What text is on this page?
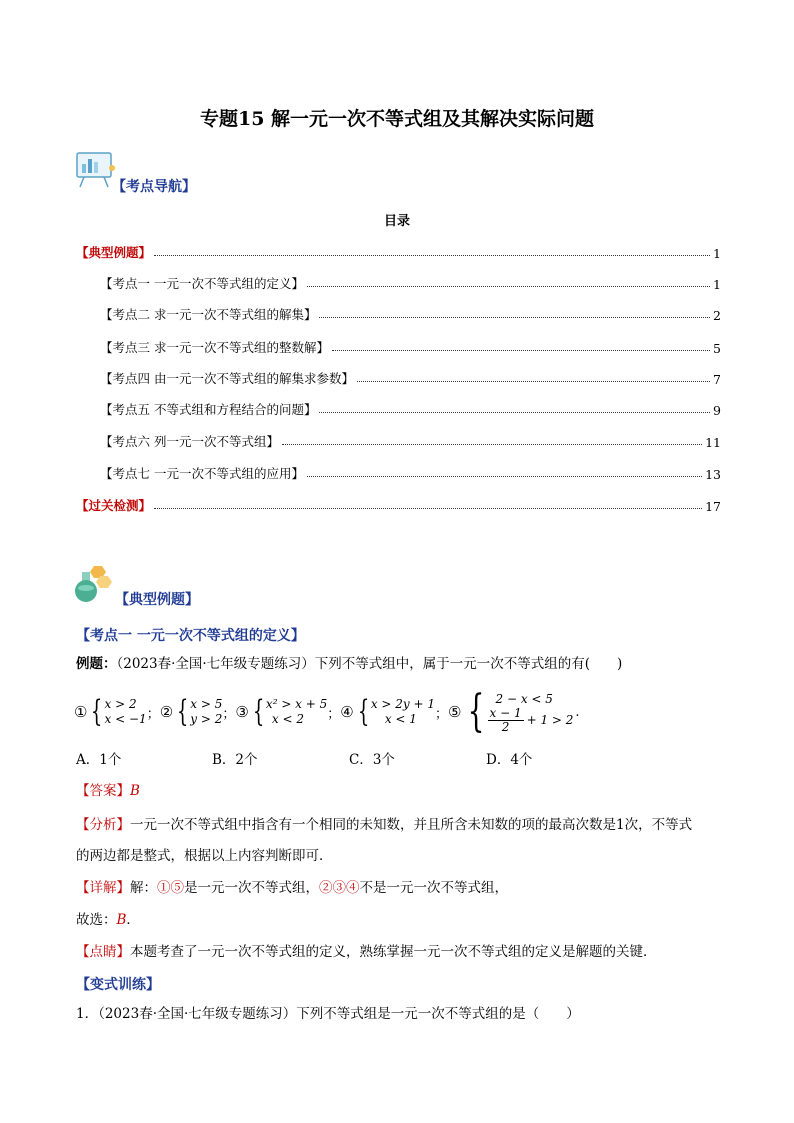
专题15 解一元一次不等式组及其解决实际问题
【考点导航】
目录
【典型例题】	1
【考点一 一元一次不等式组的定义】	1
【考点二 求一元一次不等式组的解集】	2
【考点三 求一元一次不等式组的整数解】	5
【考点四 由一元一次不等式组的解集求参数】	7
【考点五 不等式组和方程结合的问题】	9
【考点六 列一元一次不等式组】	11
【考点七 一元一次不等式组的应用】	13
【过关检测】	17
【典型例题】
【考点一 一元一次不等式组的定义】
例题：（2023春·全国·七年级专题练习）下列不等式组中，属于一元一次不等式组的有(　　)
① { x > 2
x < −1 ； ② { x > 5
y > 2 ； ③ { x² > x + 5
x < 2	； ④ { x > 2y + 1
x < 1	； ⑤ { 2 − x < 5
$\frac{x - 1}{2} + 1 > 2$
.
A．1个	B．2个	C．3个	D．4个
【答案】B
【分析】一元一次不等式组中指含有一个相同的未知数，并且所含未知数的项的最高次数是1次，不等式
的两边都是整式，根据以上内容判断即可．
【详解】解：①⑤是一元一次不等式组，②③④不是一元一次不等式组，
故选：B．
【点睛】本题考查了一元一次不等式组的定义，熟练掌握一元一次不等式组的定义是解题的关键．
【变式训练】
1．（2023春·全国·七年级专题练习）下列不等式组是一元一次不等式组的是（　　）
